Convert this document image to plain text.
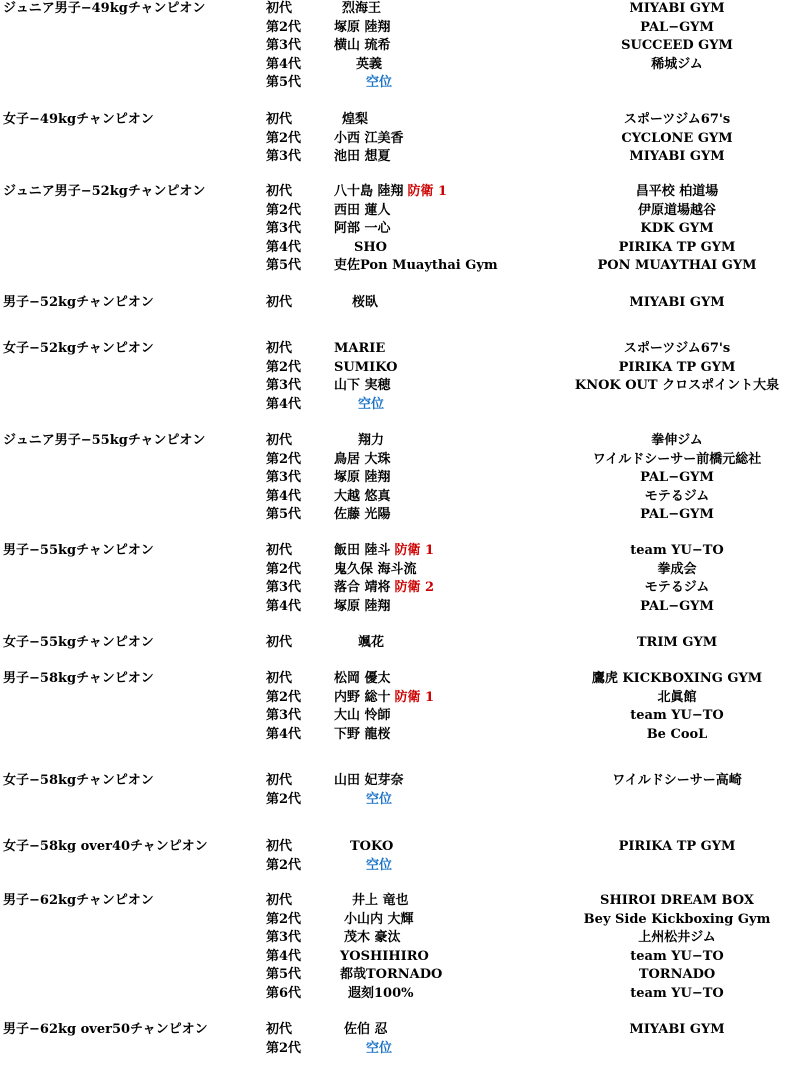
ジュニア男子−49kgチャンピオン	初代	烈海王	MIYABI GYM
第2代	塚原 陸翔	PAL−GYM
第3代	横山 琉希	SUCCEED GYM
第4代	英義	稀城ジム
第5代	空位
女子−49kgチャンピオン	初代	煌梨	スポーツジム67's
第2代	小西 江美香	CYCLONE GYM
第3代	池田 想夏	MIYABI GYM
ジュニア男子−52kgチャンピオン	初代	八十島 陸翔 防衛 1	昌平校 柏道場
第2代	西田 蓮人	伊原道場越谷
第3代	阿部 一心	KDK GYM
第4代	SHO	PIRIKA TP GYM
第5代	吏佐Pon Muaythai Gym	PON MUAYTHAI GYM
男子−52kgチャンピオン	初代	桜臥	MIYABI GYM
女子−52kgチャンピオン	初代	MARIE	スポーツジム67's
第2代	SUMIKO	PIRIKA TP GYM
第3代	山下 実穂	KNOK OUT クロスポイント大泉
第4代	空位
ジュニア男子−55kgチャンピオン	初代	翔力	拳伸ジム
第2代	鳥居 大珠	ワイルドシーサー前橋元総社
第3代	塚原 陸翔	PAL−GYM
第4代	大越 悠真	モテるジム
第5代	佐藤 光陽	PAL−GYM
男子−55kgチャンピオン	初代	飯田 陸斗 防衛 1	team YU−TO
第2代	鬼久保 海斗流	拳成会
第3代	落合 靖将 防衛 2	モテるジム
第4代	塚原 陸翔	PAL−GYM
女子−55kgチャンピオン	初代	颯花	TRIM GYM
男子−58kgチャンピオン	初代	松岡 優太	鷹虎 KICKBOXING GYM
第2代	内野 総十 防衛 1	北眞館
第3代	大山 怜師	team YU−TO
第4代	下野 龍桜	Be CooL
女子−58kgチャンピオン	初代	山田 妃芽奈	ワイルドシーサー高崎
第2代	空位
女子−58kg over40チャンピオン	初代	TOKO	PIRIKA TP GYM
第2代	空位
男子−62kgチャンピオン	初代	井上 竜也	SHIROI DREAM BOX
第2代	小山内 大輝	Bey Side Kickboxing Gym
第3代	茂木 豪汰	上州松井ジム
第4代	YOSHIHIRO	team YU−TO
第5代	都哉TORNADO	TORNADO
第6代	遐刻100%	team YU−TO
男子−62kg over50チャンピオン	初代	佐伯 忍	MIYABI GYM
第2代	空位
